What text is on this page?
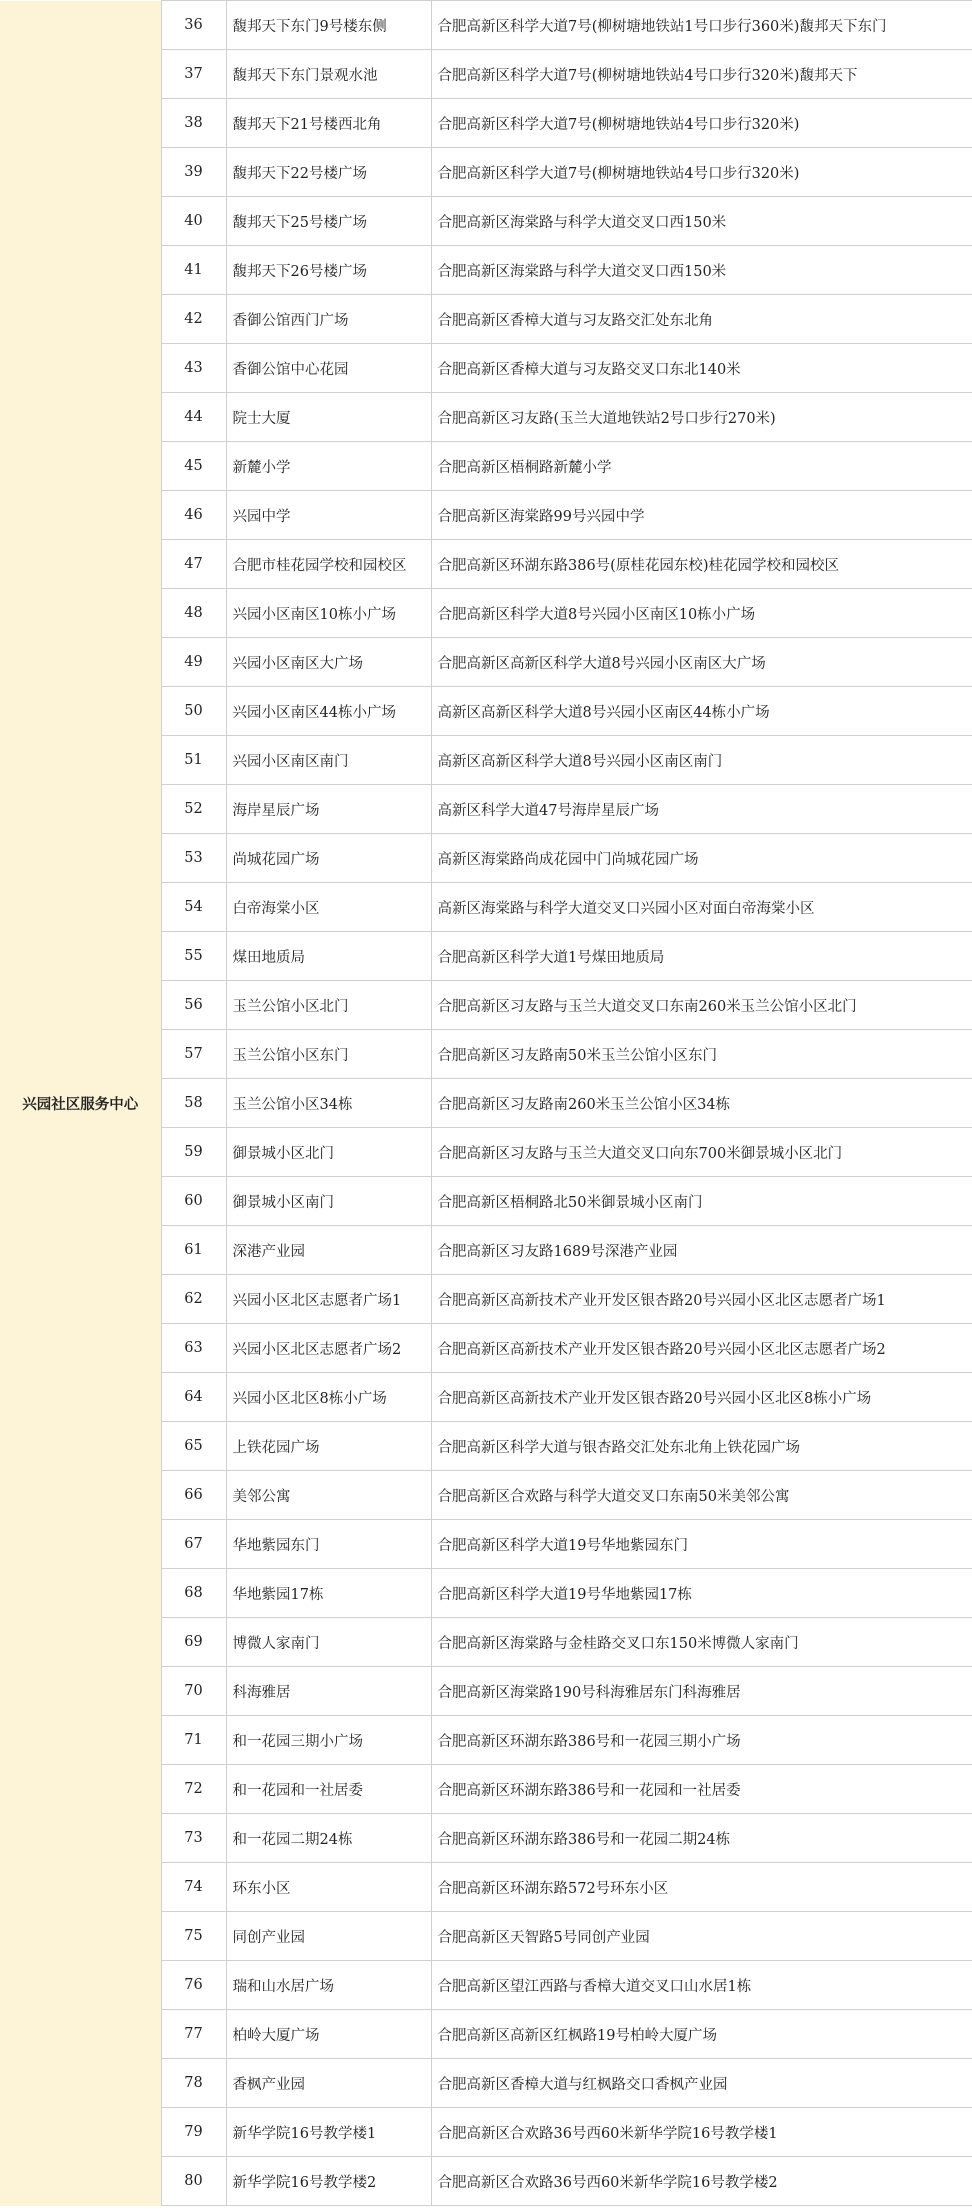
兴园社区服务中心	36	馥邦天下东门9号楼东侧	合肥高新区科学大道7号(柳树塘地铁站1号口步行360米)馥邦天下东门
	37	馥邦天下东门景观水池	合肥高新区科学大道7号(柳树塘地铁站4号口步行320米)馥邦天下
	38	馥邦天下21号楼西北角	合肥高新区科学大道7号(柳树塘地铁站4号口步行320米)
	39	馥邦天下22号楼广场	合肥高新区科学大道7号(柳树塘地铁站4号口步行320米)
	40	馥邦天下25号楼广场	合肥高新区海棠路与科学大道交叉口西150米
	41	馥邦天下26号楼广场	合肥高新区海棠路与科学大道交叉口西150米
	42	香御公馆西门广场	合肥高新区香樟大道与习友路交汇处东北角
	43	香御公馆中心花园	合肥高新区香樟大道与习友路交叉口东北140米
	44	院士大厦	合肥高新区习友路(玉兰大道地铁站2号口步行270米)
	45	新麓小学	合肥高新区梧桐路新麓小学
	46	兴园中学	合肥高新区海棠路99号兴园中学
	47	合肥市桂花园学校和园校区	合肥高新区环湖东路386号(原桂花园东校)桂花园学校和园校区
	48	兴园小区南区10栋小广场	合肥高新区科学大道8号兴园小区南区10栋小广场
	49	兴园小区南区大广场	合肥高新区高新区科学大道8号兴园小区南区大广场
	50	兴园小区南区44栋小广场	高新区高新区科学大道8号兴园小区南区44栋小广场
	51	兴园小区南区南门	高新区高新区科学大道8号兴园小区南区南门
	52	海岸星辰广场	高新区科学大道47号海岸星辰广场
	53	尚城花园广场	高新区海棠路尚成花园中门尚城花园广场
	54	白帝海棠小区	高新区海棠路与科学大道交叉口兴园小区对面白帝海棠小区
	55	煤田地质局	合肥高新区科学大道1号煤田地质局
	56	玉兰公馆小区北门	合肥高新区习友路与玉兰大道交叉口东南260米玉兰公馆小区北门
	57	玉兰公馆小区东门	合肥高新区习友路南50米玉兰公馆小区东门
	58	玉兰公馆小区34栋	合肥高新区习友路南260米玉兰公馆小区34栋
	59	御景城小区北门	合肥高新区习友路与玉兰大道交叉口向东700米御景城小区北门
	60	御景城小区南门	合肥高新区梧桐路北50米御景城小区南门
	61	深港产业园	合肥高新区习友路1689号深港产业园
	62	兴园小区北区志愿者广场1	合肥高新区高新技术产业开发区银杏路20号兴园小区北区志愿者广场1
	63	兴园小区北区志愿者广场2	合肥高新区高新技术产业开发区银杏路20号兴园小区北区志愿者广场2
	64	兴园小区北区8栋小广场	合肥高新区高新技术产业开发区银杏路20号兴园小区北区8栋小广场
	65	上铁花园广场	合肥高新区科学大道与银杏路交汇处东北角上铁花园广场
	66	美邻公寓	合肥高新区合欢路与科学大道交叉口东南50米美邻公寓
	67	华地紫园东门	合肥高新区科学大道19号华地紫园东门
	68	华地紫园17栋	合肥高新区科学大道19号华地紫园17栋
	69	博微人家南门	合肥高新区海棠路与金桂路交叉口东150米博微人家南门
	70	科海雅居	合肥高新区海棠路190号科海雅居东门科海雅居
	71	和一花园三期小广场	合肥高新区环湖东路386号和一花园三期小广场
	72	和一花园和一社居委	合肥高新区环湖东路386号和一花园和一社居委
	73	和一花园二期24栋	合肥高新区环湖东路386号和一花园二期24栋
	74	环东小区	合肥高新区环湖东路572号环东小区
	75	同创产业园	合肥高新区天智路5号同创产业园
	76	瑞和山水居广场	合肥高新区望江西路与香樟大道交叉口山水居1栋
	77	柏岭大厦广场	合肥高新区高新区红枫路19号柏岭大厦广场
	78	香枫产业园	合肥高新区香樟大道与红枫路交口香枫产业园
	79	新华学院16号教学楼1	合肥高新区合欢路36号西60米新华学院16号教学楼1
	80	新华学院16号教学楼2	合肥高新区合欢路36号西60米新华学院16号教学楼2
